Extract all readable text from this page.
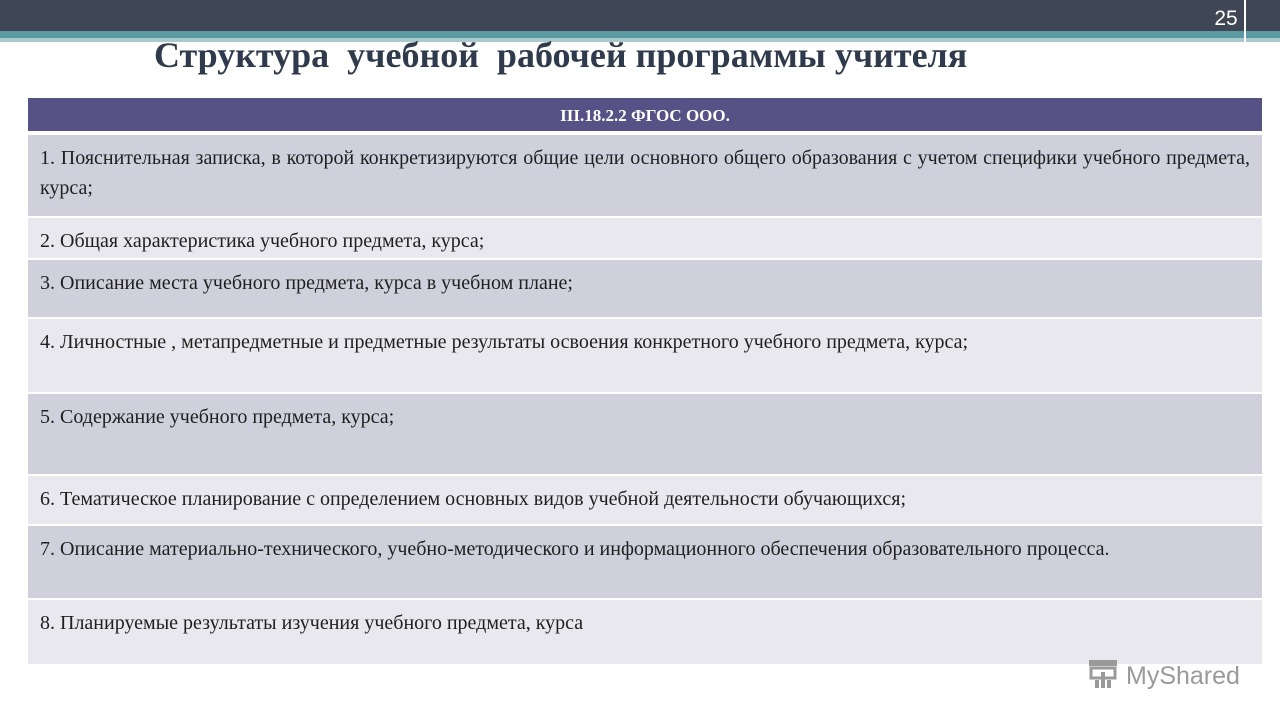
25
Структура  учебной  рабочей программы учителя
III.18.2.2 ФГОС ООО.
1. Пояснительная записка, в которой конкретизируются общие цели основного общего образования с учетом специфики учебного предмета, курса;
2. Общая характеристика учебного предмета, курса;
3. Описание места учебного предмета, курса в учебном плане;
4. Личностные , метапредметные и предметные результаты освоения конкретного учебного предмета, курса;
5. Содержание учебного предмета, курса;
6. Тематическое планирование с определением основных видов учебной деятельности обучающихся;
7. Описание материально-технического, учебно-методического и информационного обеспечения образовательного процесса.
8. Планируемые результаты изучения учебного предмета, курса
MyShared
